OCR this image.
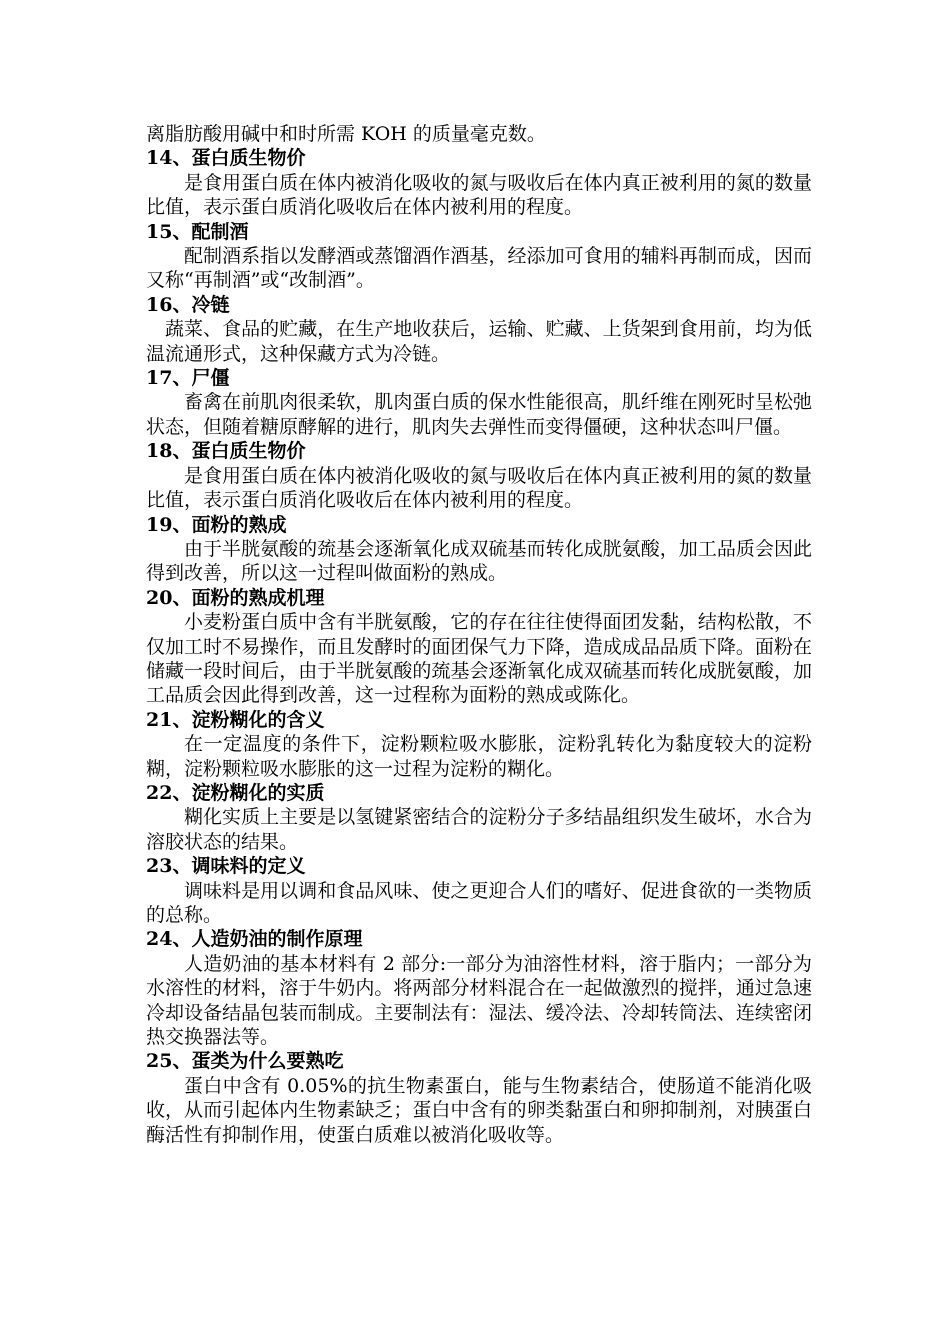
离脂肪酸用碱中和时所需 KOH 的质量毫克数。

14、蛋白质生物价

是食用蛋白质在体内被消化吸收的氮与吸收后在体内真正被利用的氮的数量比值，表示蛋白质消化吸收后在体内被利用的程度。

15、配制酒

配制酒系指以发酵酒或蒸馏酒作酒基，经添加可食用的辅料再制而成，因而又称“再制酒”或“改制酒”。

16、冷链

蔬菜、食品的贮藏，在生产地收获后，运输、贮藏、上货架到食用前，均为低温流通形式，这种保藏方式为冷链。

17、尸僵

畜禽在前肌肉很柔软，肌肉蛋白质的保水性能很高，肌纤维在刚死时呈松弛状态，但随着糖原酵解的进行，肌肉失去弹性而变得僵硬，这种状态叫尸僵。

18、蛋白质生物价

是食用蛋白质在体内被消化吸收的氮与吸收后在体内真正被利用的氮的数量比值，表示蛋白质消化吸收后在体内被利用的程度。

19、面粉的熟成

由于半胱氨酸的巯基会逐渐氧化成双硫基而转化成胱氨酸，加工品质会因此得到改善，所以这一过程叫做面粉的熟成。

20、面粉的熟成机理

小麦粉蛋白质中含有半胱氨酸，它的存在往往使得面团发黏，结构松散，不仅加工时不易操作，而且发酵时的面团保气力下降，造成成品品质下降。面粉在储藏一段时间后，由于半胱氨酸的巯基会逐渐氧化成双硫基而转化成胱氨酸，加工品质会因此得到改善，这一过程称为面粉的熟成或陈化。

21、淀粉糊化的含义

在一定温度的条件下，淀粉颗粒吸水膨胀，淀粉乳转化为黏度较大的淀粉糊，淀粉颗粒吸水膨胀的这一过程为淀粉的糊化。

22、淀粉糊化的实质

糊化实质上主要是以氢键紧密结合的淀粉分子多结晶组织发生破坏，水合为溶胶状态的结果。

23、调味料的定义

调味料是用以调和食品风味、使之更迎合人们的嗜好、促进食欲的一类物质的总称。

24、人造奶油的制作原理

人造奶油的基本材料有 2 部分:一部分为油溶性材料，溶于脂内；一部分为水溶性的材料，溶于牛奶内。将两部分材料混合在一起做激烈的搅拌，通过急速冷却设备结晶包装而制成。主要制法有：湿法、缓冷法、冷却转筒法、连续密闭热交换器法等。

25、蛋类为什么要熟吃

蛋白中含有 0.05%的抗生物素蛋白，能与生物素结合，使肠道不能消化吸收，从而引起体内生物素缺乏；蛋白中含有的卵类黏蛋白和卵抑制剂，对胰蛋白酶活性有抑制作用，使蛋白质难以被消化吸收等。
